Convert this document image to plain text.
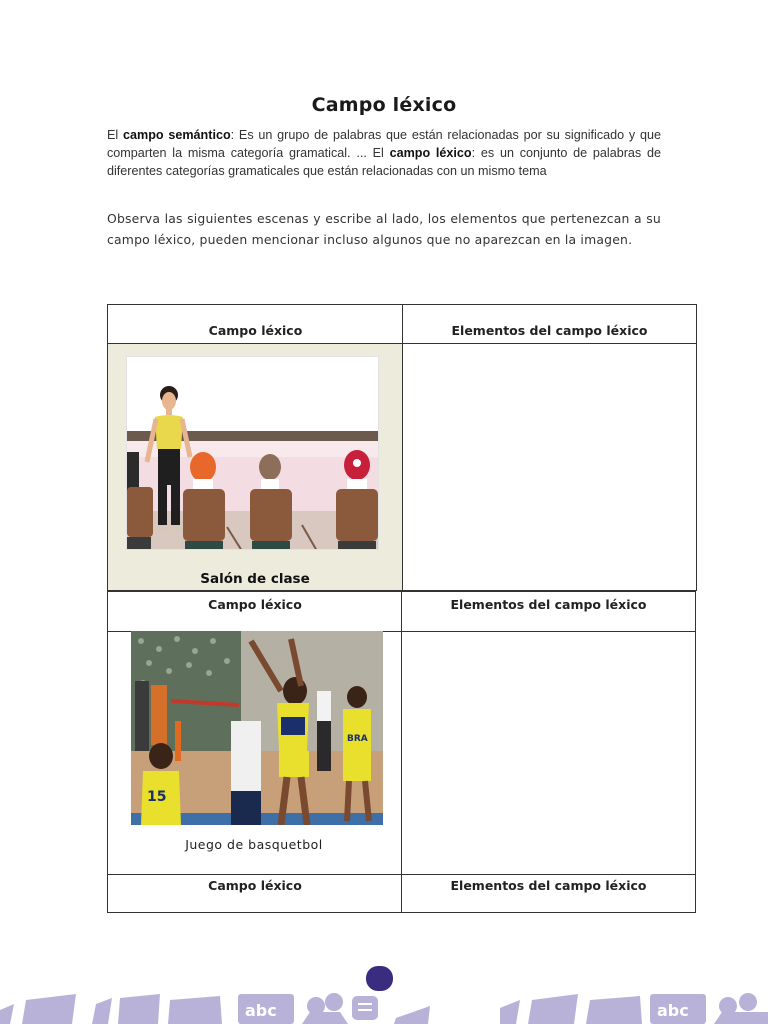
Campo léxico
El campo semántico: Es un grupo de palabras que están relacionadas por su significado y que comparten la misma categoría gramatical. ... El campo léxico: es un conjunto de palabras de diferentes categorías gramaticales que están relacionadas con un mismo tema
Observa las siguientes escenas y escribe al lado, los elementos que pertenezcan a su campo léxico, pueden mencionar incluso algunos que no aparezcan en la imagen.
Campo léxico	Elementos del campo léxico
Salón de clase
Campo léxico	Elementos del campo léxico
15
BRA
Juego de basquetbol
Campo léxico	Elementos del campo léxico
abc	abc
